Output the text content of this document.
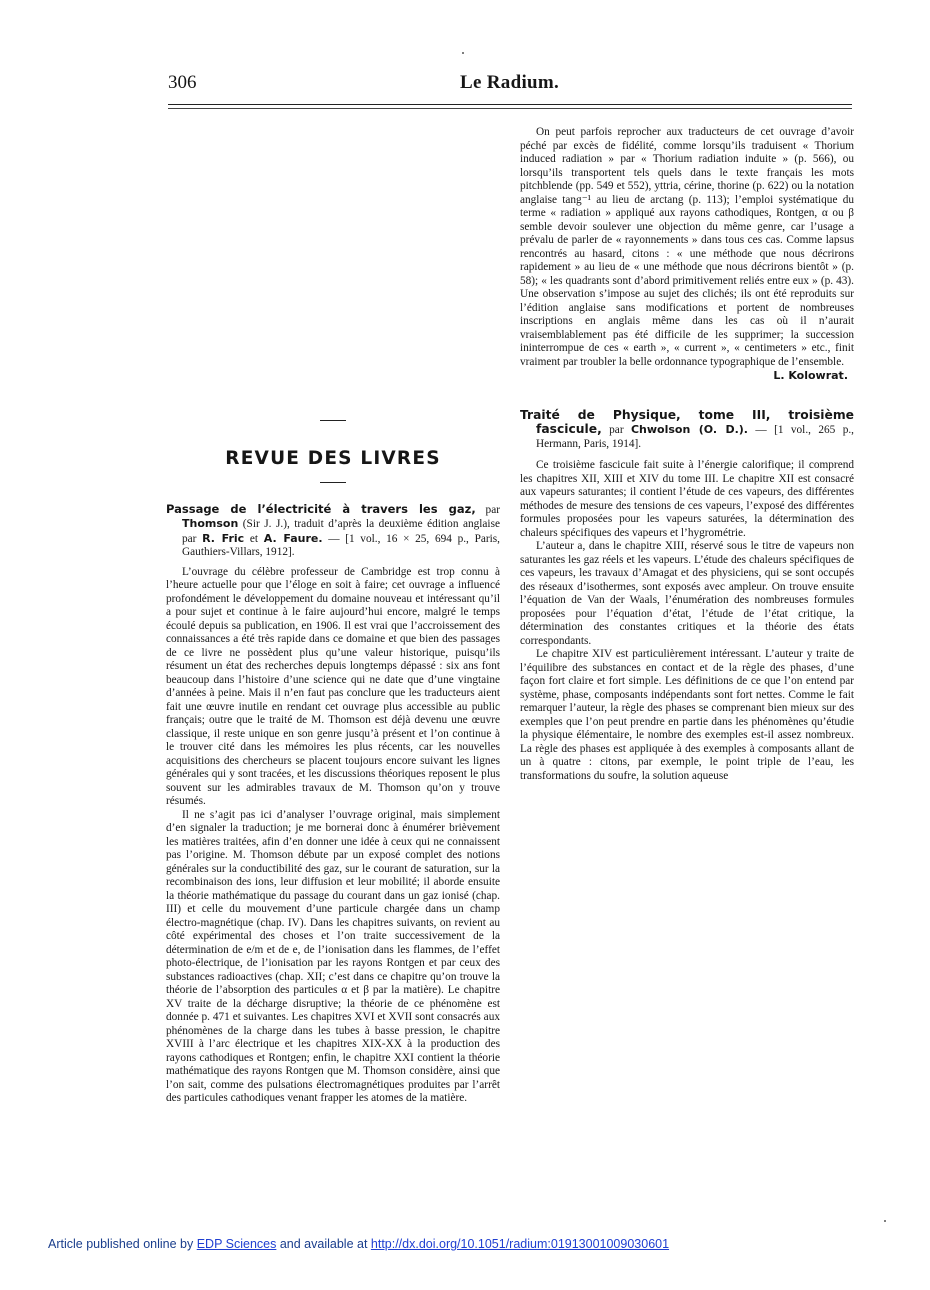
306	Le Radium.
REVUE DES LIVRES
Passage de l’électricité à travers les gaz, par Thomson (Sir J. J.), traduit d’après la deuxième édition anglaise par R. Fric et A. Faure. — [1 vol., 16 × 25, 694 p., Paris, Gauthiers-Villars, 1912].

L’ouvrage du célèbre professeur de Cambridge est trop connu à l’heure actuelle pour que l’éloge en soit à faire; cet ouvrage a influencé profondément le développement du domaine nouveau et intéressant qu’il a pour sujet et continue à le faire aujourd’hui encore, malgré le temps écoulé depuis sa publication, en 1906. Il est vrai que l’accroissement des connaissances a été très rapide dans ce domaine et que bien des passages de ce livre ne possèdent plus qu’une valeur historique, puisqu’ils résument un état des recherches depuis longtemps dépassé : six ans font beaucoup dans l’histoire d’une science qui ne date que d’une vingtaine d’années à peine. Mais il n’en faut pas conclure que les traducteurs aient fait une œuvre inutile en rendant cet ouvrage plus accessible au public français; outre que le traité de M. Thomson est déjà devenu une œuvre classique, il reste unique en son genre jusqu’à présent et l’on continue à le trouver cité dans les mémoires les plus récents, car les nouvelles acquisitions des chercheurs se placent toujours encore suivant les lignes générales qui y sont tracées, et les discussions théoriques reposent le plus souvent sur les admirables travaux de M. Thomson qu’on y trouve résumés.

Il ne s’agit pas ici d’analyser l’ouvrage original, mais simplement d’en signaler la traduction; je me bornerai donc à énumérer brièvement les matières traitées, afin d’en donner une idée à ceux qui ne connaissent pas l’origine. M. Thomson débute par un exposé complet des notions générales sur la conductibilité des gaz, sur le courant de saturation, sur la recombinaison des ions, leur diffusion et leur mobilité; il aborde ensuite la théorie mathématique du passage du courant dans un gaz ionisé (chap. III) et celle du mouvement d’une particule chargée dans un champ électro-magnétique (chap. IV). Dans les chapitres suivants, on revient au côté expérimental des choses et l’on traite successivement de la détermination de e/m et de e, de l’ionisation dans les flammes, de l’effet photo-électrique, de l’ionisation par les rayons Rontgen et par ceux des substances radioactives (chap. XII; c’est dans ce chapitre qu’on trouve la théorie de l’absorption des particules α et β par la matière). Le chapitre XV traite de la décharge disruptive; la théorie de ce phénomène est donnée p. 471 et suivantes. Les chapitres XVI et XVII sont consacrés aux phénomènes de la charge dans les tubes à basse pression, le chapitre XVIII à l’arc électrique et les chapitres XIX-XX à la production des rayons cathodiques et Rontgen; enfin, le chapitre XXI contient la théorie mathématique des rayons Rontgen que M. Thomson considère, ainsi que l’on sait, comme des pulsations électromagnétiques produites par l’arrêt des particules cathodiques venant frapper les atomes de la matière.

On peut parfois reprocher aux traducteurs de cet ouvrage d’avoir péché par excès de fidélité, comme lorsqu’ils traduisent « Thorium induced radiation » par « Thorium radiation induite » (p. 566), ou lorsqu’ils transportent tels quels dans le texte français les mots pitchblende (pp. 549 et 552), yttria, cérine, thorine (p. 622) ou la notation anglaise tang⁻¹ au lieu de arctang (p. 113); l’emploi systématique du terme « radiation » appliqué aux rayons cathodiques, Rontgen, α ou β semble devoir soulever une objection du même genre, car l’usage a prévalu de parler de « rayonnements » dans tous ces cas. Comme lapsus rencontrés au hasard, citons : « une méthode que nous décrirons rapidement » au lieu de « une méthode que nous décrirons bientôt » (p. 58); « les quadrants sont d’abord primitivement reliés entre eux » (p. 43). Une observation s’impose au sujet des clichés; ils ont été reproduits sur l’édition anglaise sans modifications et portent de nombreuses inscriptions en anglais même dans les cas où il n’aurait vraisemblablement pas été difficile de les supprimer; la succession ininterrompue de ces « earth », « current », « centimeters » etc., finit vraiment par troubler la belle ordonnance typographique de l’ensemble.

L. Kolowrat.
Traité de Physique, tome III, troisième fascicule, par Chwolson (O. D.). — [1 vol., 265 p., Hermann, Paris, 1914].

Ce troisième fascicule fait suite à l’énergie calorifique; il comprend les chapitres XII, XIII et XIV du tome III. Le chapitre XII est consacré aux vapeurs saturantes; il contient l’étude de ces vapeurs, des différentes méthodes de mesure des tensions de ces vapeurs, l’exposé des différentes formules proposées pour les vapeurs saturées, la détermination des chaleurs spécifiques des vapeurs et l’hygrométrie.

L’auteur a, dans le chapitre XIII, réservé sous le titre de vapeurs non saturantes les gaz réels et les vapeurs. L’étude des chaleurs spécifiques de ces vapeurs, les travaux d’Amagat et des physiciens, qui se sont occupés des réseaux d’isothermes, sont exposés avec ampleur. On trouve ensuite l’équation de Van der Waals, l’énumération des nombreuses formules proposées pour l’équation d’état, l’étude de l’état critique, la détermination des constantes critiques et la théorie des états correspondants.

Le chapitre XIV est particulièrement intéressant. L’auteur y traite de l’équilibre des substances en contact et de la règle des phases, d’une façon fort claire et fort simple. Les définitions de ce que l’on entend par système, phase, composants indépendants sont fort nettes. Comme le fait remarquer l’auteur, la règle des phases se comprenant bien mieux sur des exemples que l’on peut prendre en partie dans les phénomènes qu’étudie la physique élémentaire, le nombre des exemples est-il assez nombreux. La règle des phases est appliquée à des exemples à composants allant de un à quatre : citons, par exemple, le point triple de l’eau, les transformations du soufre, la solution aqueuse

Article published online by EDP Sciences and available at http://dx.doi.org/10.1051/radium:01913001009030601
